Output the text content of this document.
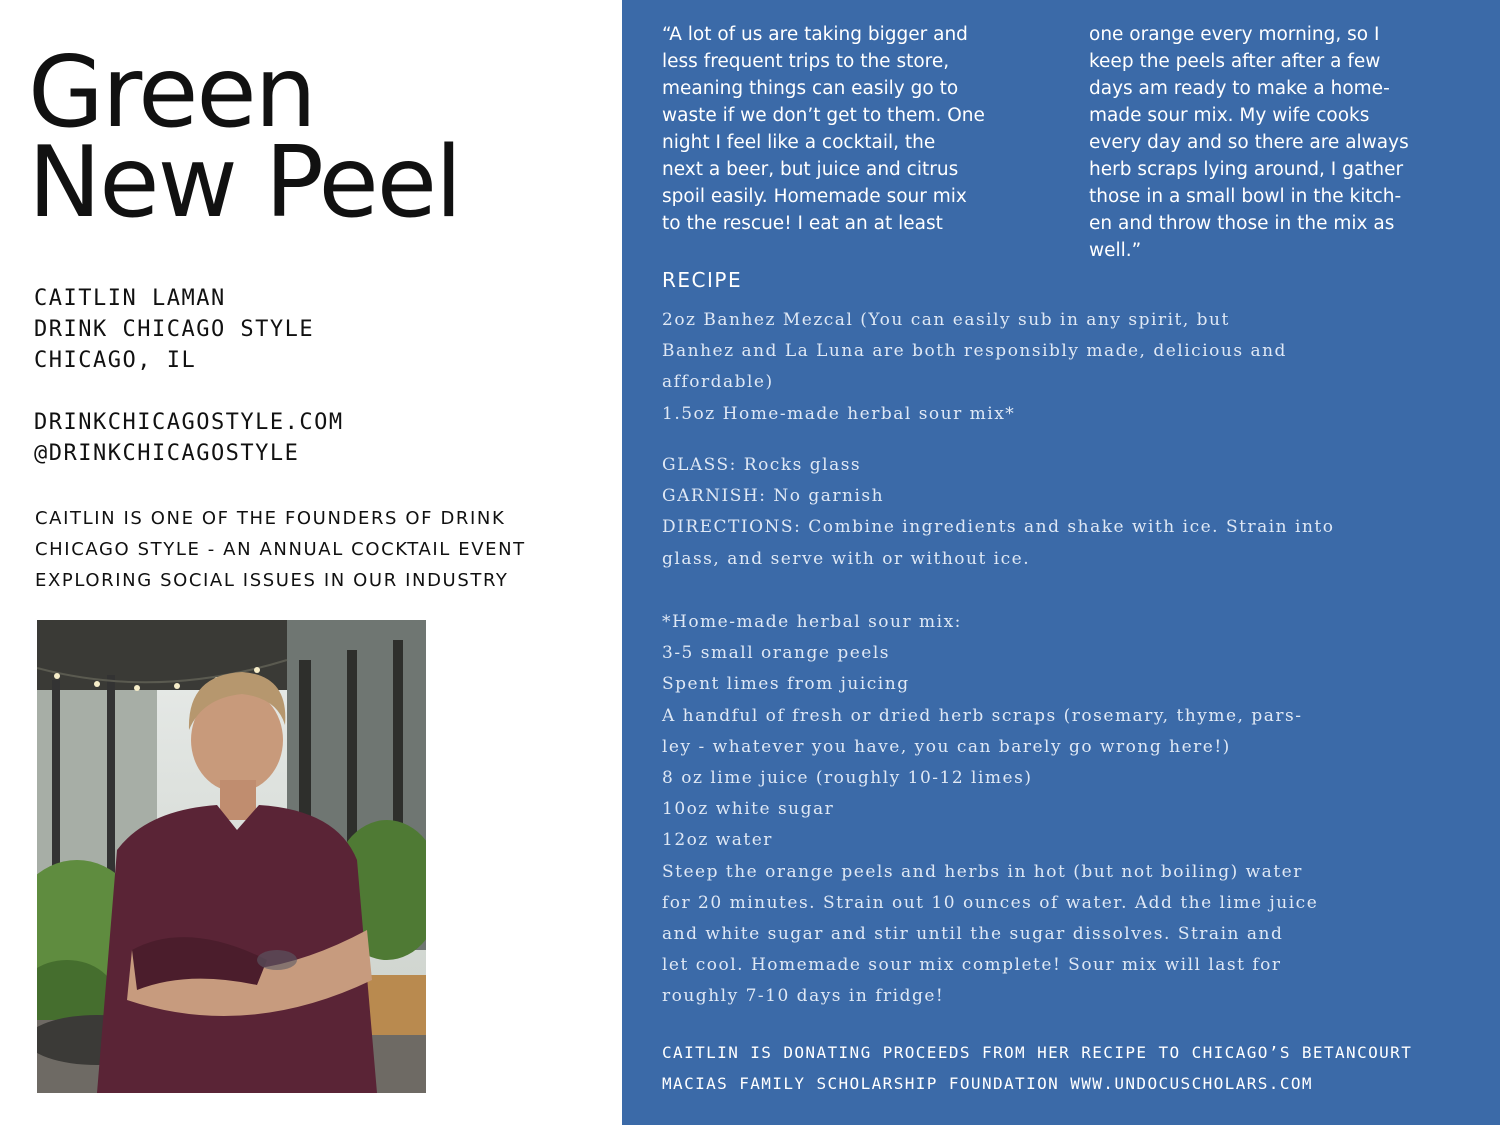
Green
New Peel
CAITLIN LAMAN
DRINK CHICAGO STYLE
CHICAGO, IL
DRINKCHICAGOSTYLE.COM
@DRINKCHICAGOSTYLE
CAITLIN IS ONE OF THE FOUNDERS OF DRINK
CHICAGO STYLE - AN ANNUAL COCKTAIL EVENT
EXPLORING SOCIAL ISSUES IN OUR INDUSTRY
“A lot of us are taking bigger and
less frequent trips to the store,
meaning things can easily go to
waste if we don’t get to them. One
night I feel like a cocktail, the
next a beer, but juice and citrus
spoil easily. Homemade sour mix
to the rescue! I eat an at least
one orange every morning, so I
keep the peels after after a few
days am ready to make a home-
made sour mix. My wife cooks
every day and so there are always
herb scraps lying around, I gather
those in a small bowl in the kitch-
en and throw those in the mix as
well.”
RECIPE
2oz Banhez Mezcal (You can easily sub in any spirit, but
Banhez and La Luna are both responsibly made, delicious and
affordable)
1.5oz Home-made herbal sour mix*
GLASS: Rocks glass
GARNISH: No garnish
DIRECTIONS: Combine ingredients and shake with ice. Strain into
glass, and serve with or without ice.
*Home-made herbal sour mix:
3-5 small orange peels
Spent limes from juicing
A handful of fresh or dried herb scraps (rosemary, thyme, pars-
ley - whatever you have, you can barely go wrong here!)
8 oz lime juice (roughly 10-12 limes)
10oz white sugar
12oz water
Steep the orange peels and herbs in hot (but not boiling) water
for 20 minutes. Strain out 10 ounces of water. Add the lime juice
and white sugar and stir until the sugar dissolves. Strain and
let cool. Homemade sour mix complete! Sour mix will last for
roughly 7-10 days in fridge!
CAITLIN IS DONATING PROCEEDS FROM HER RECIPE TO CHICAGO’S BETANCOURT
MACIAS FAMILY SCHOLARSHIP FOUNDATION WWW.UNDOCUSCHOLARS.COM
